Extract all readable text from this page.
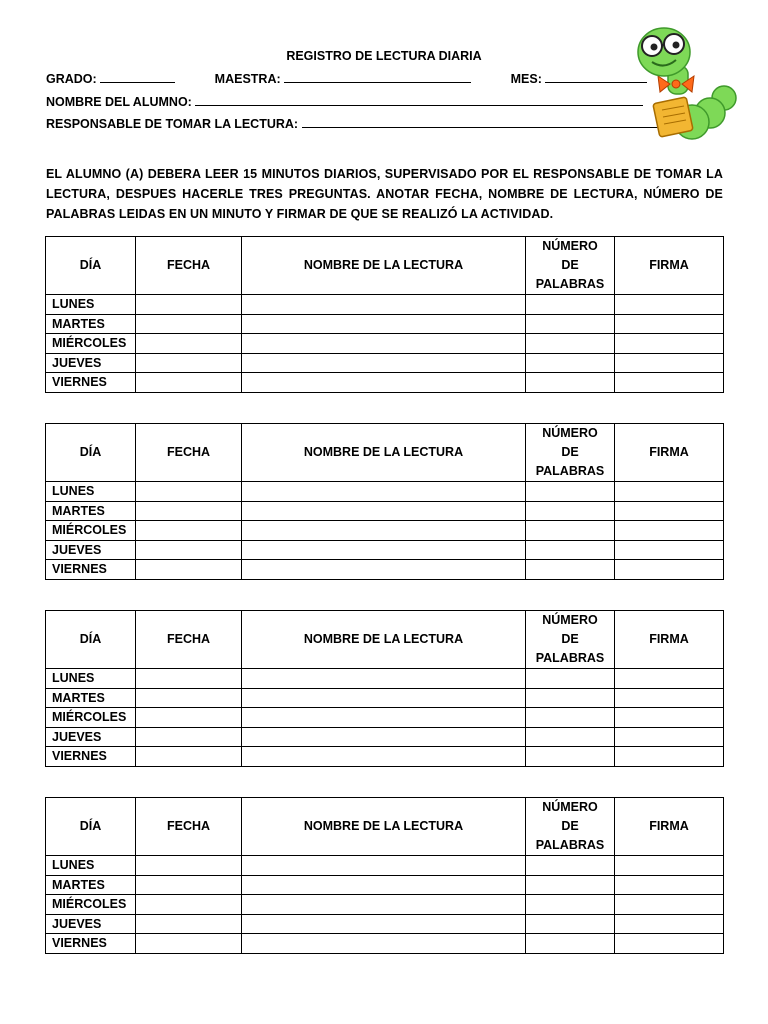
REGISTRO DE LECTURA DIARIA
GRADO:	MAESTRA:	MES:
NOMBRE DEL ALUMNO:
RESPONSABLE DE TOMAR LA LECTURA:
EL ALUMNO (A) DEBERA LEER 15 MINUTOS DIARIOS, SUPERVISADO POR EL RESPONSABLE DE TOMAR LA LECTURA, DESPUES HACERLE TRES PREGUNTAS. ANOTAR FECHA, NOMBRE DE LECTURA, NÚMERO DE PALABRAS LEIDAS EN UN MINUTO Y FIRMAR DE QUE SE REALIZÓ LA ACTIVIDAD.
DÍA	FECHA	NOMBRE DE LA LECTURA	NÚMERO
DE
PALABRAS	FIRMA

LUNES				
MARTES				
MIÉRCOLES				
JUEVES				
VIERNES				
DÍA	FECHA	NOMBRE DE LA LECTURA	NÚMERO
DE
PALABRAS	FIRMA

LUNES				
MARTES				
MIÉRCOLES				
JUEVES				
VIERNES				
DÍA	FECHA	NOMBRE DE LA LECTURA	NÚMERO
DE
PALABRAS	FIRMA

LUNES				
MARTES				
MIÉRCOLES				
JUEVES				
VIERNES				
DÍA	FECHA	NOMBRE DE LA LECTURA	NÚMERO
DE
PALABRAS	FIRMA

LUNES				
MARTES				
MIÉRCOLES				
JUEVES				
VIERNES				
